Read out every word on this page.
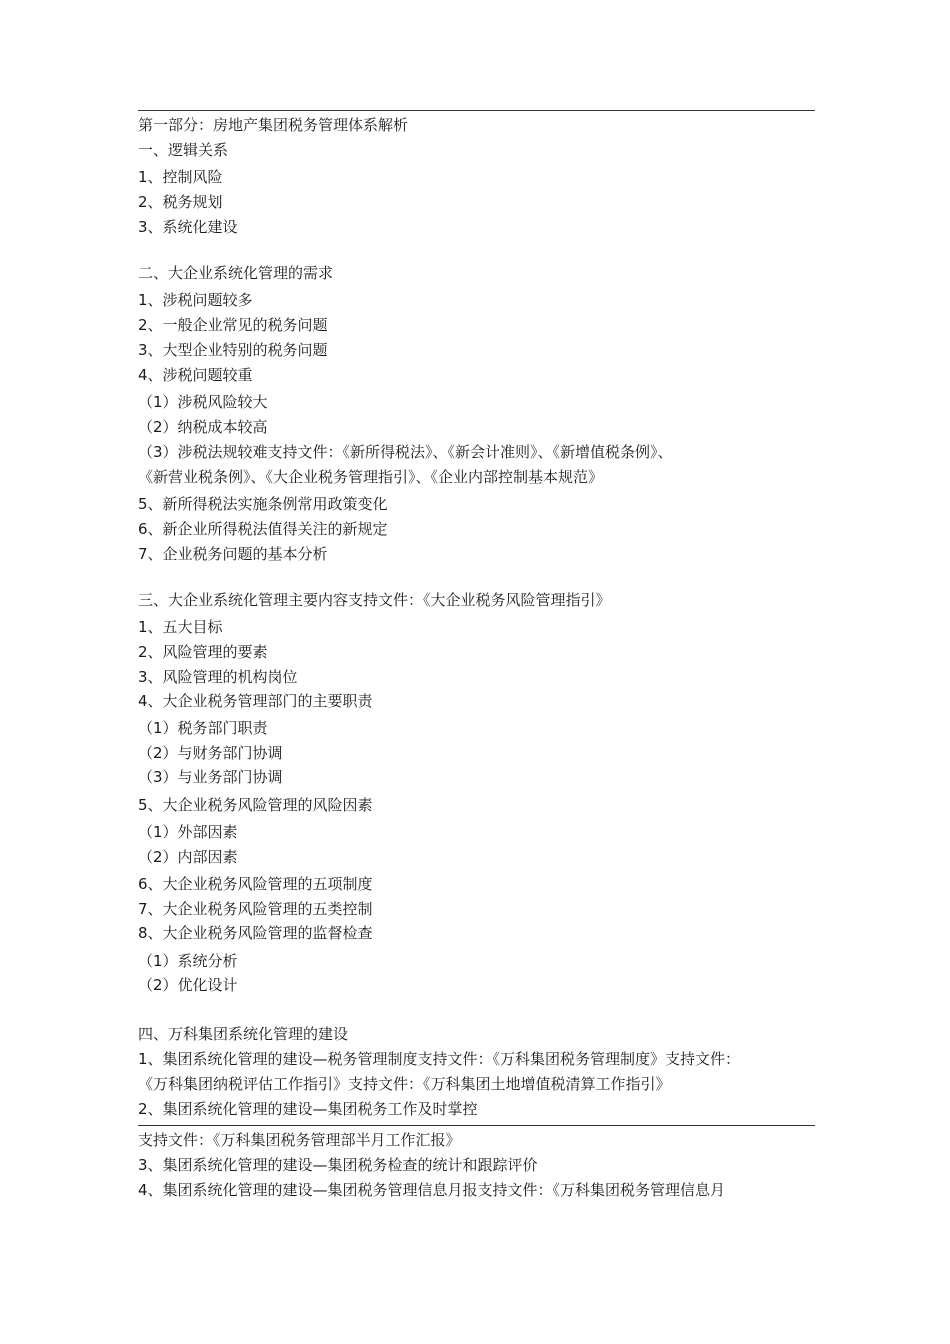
第一部分：房地产集团税务管理体系解析
一、逻辑关系
1、控制风险
2、税务规划
3、系统化建设
二、大企业系统化管理的需求
1、涉税问题较多
2、一般企业常见的税务问题
3、大型企业特别的税务问题
4、涉税问题较重
（1）涉税风险较大
（2）纳税成本较高
（3）涉税法规较难支持文件：《新所得税法》、《新会计准则》、《新增值税条例》、
《新营业税条例》、《大企业税务管理指引》、《企业内部控制基本规范》
5、新所得税法实施条例常用政策变化
6、新企业所得税法值得关注的新规定
7、企业税务问题的基本分析
三、大企业系统化管理主要内容支持文件：《大企业税务风险管理指引》
1、五大目标
2、风险管理的要素
3、风险管理的机构岗位
4、大企业税务管理部门的主要职责
（1）税务部门职责
（2）与财务部门协调
（3）与业务部门协调
5、大企业税务风险管理的风险因素
（1）外部因素
（2）内部因素
6、大企业税务风险管理的五项制度
7、大企业税务风险管理的五类控制
8、大企业税务风险管理的监督检查
（1）系统分析
（2）优化设计
四、万科集团系统化管理的建设
1、集团系统化管理的建设—税务管理制度支持文件：《万科集团税务管理制度》支持文件：
《万科集团纳税评估工作指引》支持文件：《万科集团土地增值税清算工作指引》
2、集团系统化管理的建设—集团税务工作及时掌控
支持文件：《万科集团税务管理部半月工作汇报》
3、集团系统化管理的建设—集团税务检查的统计和跟踪评价
4、集团系统化管理的建设—集团税务管理信息月报支持文件：《万科集团税务管理信息月
